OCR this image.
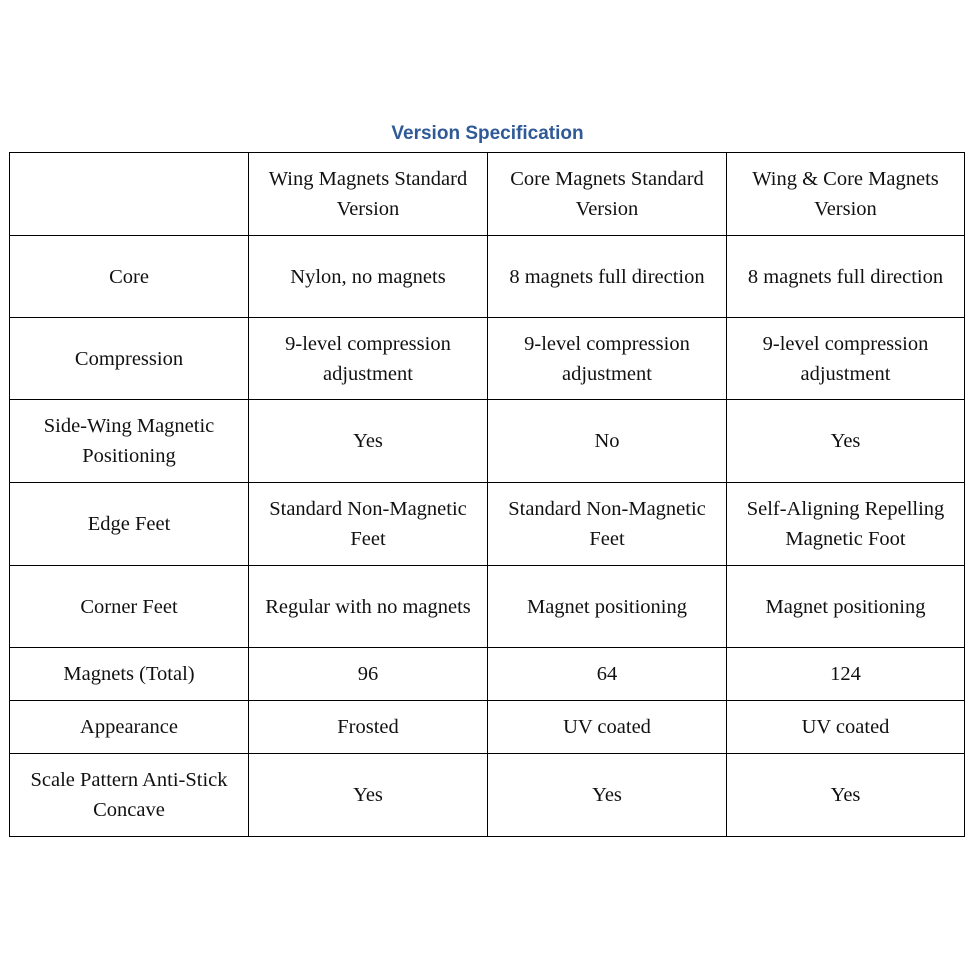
Version Specification
	Wing Magnets Standard Version	Core Magnets Standard Version	Wing & Core Magnets Version
Core	Nylon, no magnets	8 magnets full direction	8 magnets full direction
Compression	9-level compression adjustment	9-level compression adjustment	9-level compression adjustment
Side-Wing Magnetic Positioning	Yes	No	Yes
Edge Feet	Standard Non-Magnetic Feet	Standard Non-Magnetic Feet	Self-Aligning Repelling Magnetic Foot
Corner Feet	Regular with no magnets	Magnet positioning	Magnet positioning
Magnets (Total)	96	64	124
Appearance	Frosted	UV coated	UV coated
Scale Pattern Anti-Stick Concave	Yes	Yes	Yes
